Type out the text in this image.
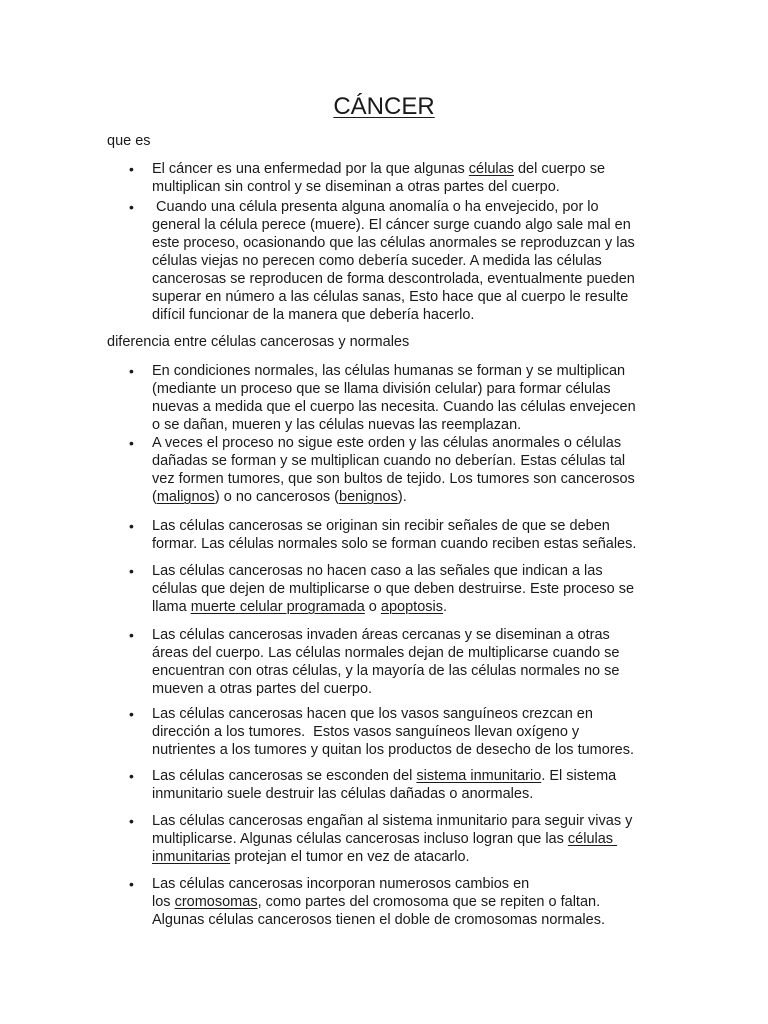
CÁNCER
que es
• El cáncer es una enfermedad por la que algunas células del cuerpo se
multiplican sin control y se diseminan a otras partes del cuerpo.
• Cuando una célula presenta alguna anomalía o ha envejecido, por lo
general la célula perece (muere). El cáncer surge cuando algo sale mal en
este proceso, ocasionando que las células anormales se reproduzcan y las
células viejas no perecen como debería suceder. A medida las células
cancerosas se reproducen de forma descontrolada, eventualmente pueden
superar en número a las células sanas, Esto hace que al cuerpo le resulte
difícil funcionar de la manera que debería hacerlo.
diferencia entre células cancerosas y normales
• En condiciones normales, las células humanas se forman y se multiplican
(mediante un proceso que se llama división celular) para formar células
nuevas a medida que el cuerpo las necesita. Cuando las células envejecen
o se dañan, mueren y las células nuevas las reemplazan.
• A veces el proceso no sigue este orden y las células anormales o células
dañadas se forman y se multiplican cuando no deberían. Estas células tal
vez formen tumores, que son bultos de tejido. Los tumores son cancerosos
(malignos) o no cancerosos (benignos).
• Las células cancerosas se originan sin recibir señales de que se deben
formar. Las células normales solo se forman cuando reciben estas señales.
• Las células cancerosas no hacen caso a las señales que indican a las
células que dejen de multiplicarse o que deben destruirse. Este proceso se
llama muerte celular programada o apoptosis.
• Las células cancerosas invaden áreas cercanas y se diseminan a otras
áreas del cuerpo. Las células normales dejan de multiplicarse cuando se
encuentran con otras células, y la mayoría de las células normales no se
mueven a otras partes del cuerpo.
• Las células cancerosas hacen que los vasos sanguíneos crezcan en
dirección a los tumores.  Estos vasos sanguíneos llevan oxígeno y
nutrientes a los tumores y quitan los productos de desecho de los tumores.
• Las células cancerosas se esconden del sistema inmunitario. El sistema
inmunitario suele destruir las células dañadas o anormales.
• Las células cancerosas engañan al sistema inmunitario para seguir vivas y
multiplicarse. Algunas células cancerosas incluso logran que las células
inmunitarias protejan el tumor en vez de atacarlo.
• Las células cancerosas incorporan numerosos cambios en
los cromosomas, como partes del cromosoma que se repiten o faltan.
Algunas células cancerosos tienen el doble de cromosomas normales.
